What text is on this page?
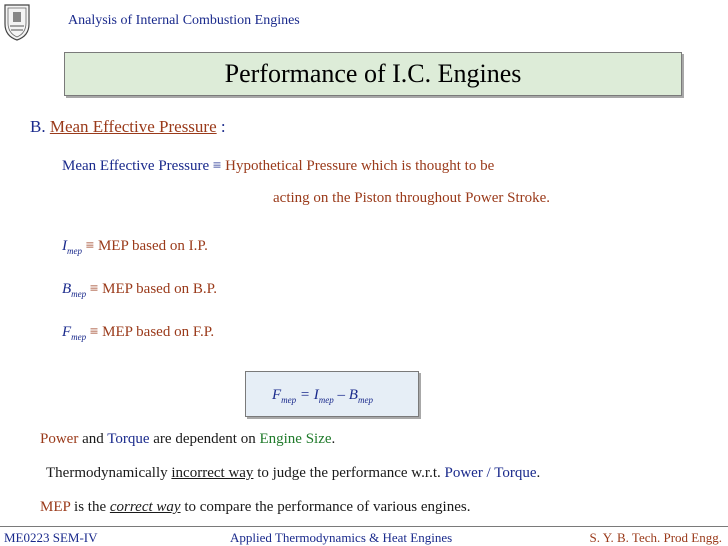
Analysis of Internal Combustion Engines
Performance of I.C. Engines
B. Mean Effective Pressure :
Mean Effective Pressure ≡ Hypothetical Pressure which is thought to be
acting on the Piston throughout Power Stroke.
$I_{mep}$ ≡ MEP based on I.P.
$B_{mep}$ ≡ MEP based on B.P.
$F_{mep}$ ≡ MEP based on F.P.
$F_{mep} = I_{mep} - B_{mep}$
Power and Torque are dependent on Engine Size.
Thermodynamically incorrect way to judge the performance w.r.t. Power / Torque.
MEP is the correct way to compare the performance of various engines.
ME0223 SEM-IV	Applied Thermodynamics & Heat Engines	S. Y. B. Tech. Prod Engg.
